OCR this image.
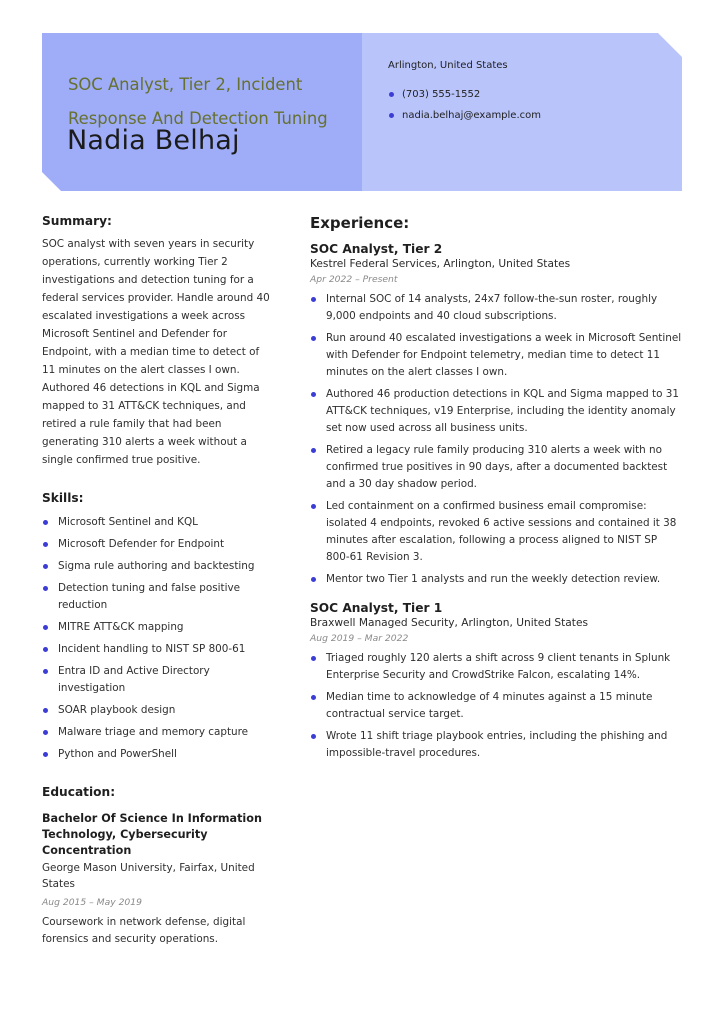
SOC Analyst, Tier 2, Incident Response And Detection Tuning
Nadia Belhaj
Arlington, United States
(703) 555-1552
nadia.belhaj@example.com
Summary:

SOC analyst with seven years in security operations, currently working Tier 2 investigations and detection tuning for a federal services provider. Handle around 40 escalated investigations a week across Microsoft Sentinel and Defender for Endpoint, with a median time to detect of 11 minutes on the alert classes I own. Authored 46 detections in KQL and Sigma mapped to 31 ATT&CK techniques, and retired a rule family that had been generating 310 alerts a week without a single confirmed true positive.

Skills:
Microsoft Sentinel and KQL
Microsoft Defender for Endpoint
Sigma rule authoring and backtesting
Detection tuning and false positive reduction
MITRE ATT&CK mapping
Incident handling to NIST SP 800-61
Entra ID and Active Directory investigation
SOAR playbook design
Malware triage and memory capture
Python and PowerShell
Education:

Bachelor Of Science In Information Technology, Cybersecurity Concentration

George Mason University, Fairfax, United States

Aug 2015 – May 2019

Coursework in network defense, digital forensics and security operations.

Experience:

SOC Analyst, Tier 2

Kestrel Federal Services, Arlington, United States

Apr 2022 – Present

Internal SOC of 14 analysts, 24x7 follow-the-sun roster, roughly 9,000 endpoints and 40 cloud subscriptions.
Run around 40 escalated investigations a week in Microsoft Sentinel with Defender for Endpoint telemetry, median time to detect 11 minutes on the alert classes I own.
Authored 46 production detections in KQL and Sigma mapped to 31 ATT&CK techniques, v19 Enterprise, including the identity anomaly set now used across all business units.
Retired a legacy rule family producing 310 alerts a week with no confirmed true positives in 90 days, after a documented backtest and a 30 day shadow period.
Led containment on a confirmed business email compromise: isolated 4 endpoints, revoked 6 active sessions and contained it 38 minutes after escalation, following a process aligned to NIST SP 800-61 Revision 3.
Mentor two Tier 1 analysts and run the weekly detection review.

SOC Analyst, Tier 1

Braxwell Managed Security, Arlington, United States

Aug 2019 – Mar 2022

Triaged roughly 120 alerts a shift across 9 client tenants in Splunk Enterprise Security and CrowdStrike Falcon, escalating 14%.
Median time to acknowledge of 4 minutes against a 15 minute contractual service target.
Wrote 11 shift triage playbook entries, including the phishing and impossible-travel procedures.
